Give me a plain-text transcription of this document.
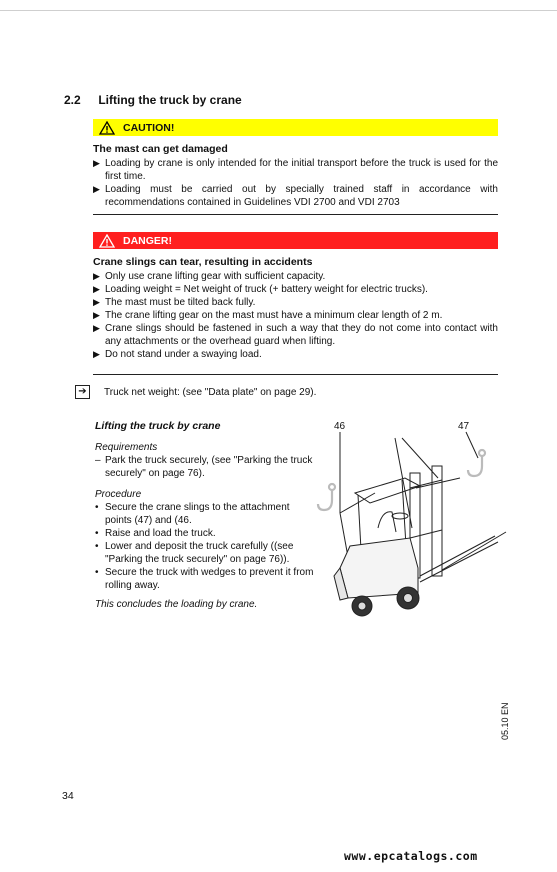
2.2 Lifting the truck by crane
CAUTION!
The mast can get damaged
▶ Loading by crane is only intended for the initial transport before the truck is used for the first time.
▶ Loading must be carried out by specially trained staff in accordance with recommendations contained in Guidelines VDI 2700 and VDI 2703
DANGER!
Crane slings can tear, resulting in accidents
▶ Only use crane lifting gear with sufficient capacity.
▶ Loading weight = Net weight of truck (+ battery weight for electric trucks).
▶ The mast must be tilted back fully.
▶ The crane lifting gear on the mast must have a minimum clear length of 2 m.
▶ Crane slings should be fastened in such a way that they do not come into contact with any attachments or the overhead guard when lifting.
▶ Do not stand under a swaying load.
➔	Truck net weight: (see "Data plate" on page 29).
Lifting the truck by crane
Requirements
– Park the truck securely, (see "Parking the truck securely" on page 76).
Procedure
• Secure the crane slings to the attachment points (47) and (46.
• Raise and load the truck.
• Lower and deposit the truck carefully ((see "Parking the truck securely" on page 76)).
• Secure the truck with wedges to prevent it from rolling away.
This concludes the loading by crane.
46	47
34
05.10 EN
www.epcatalogs.com
